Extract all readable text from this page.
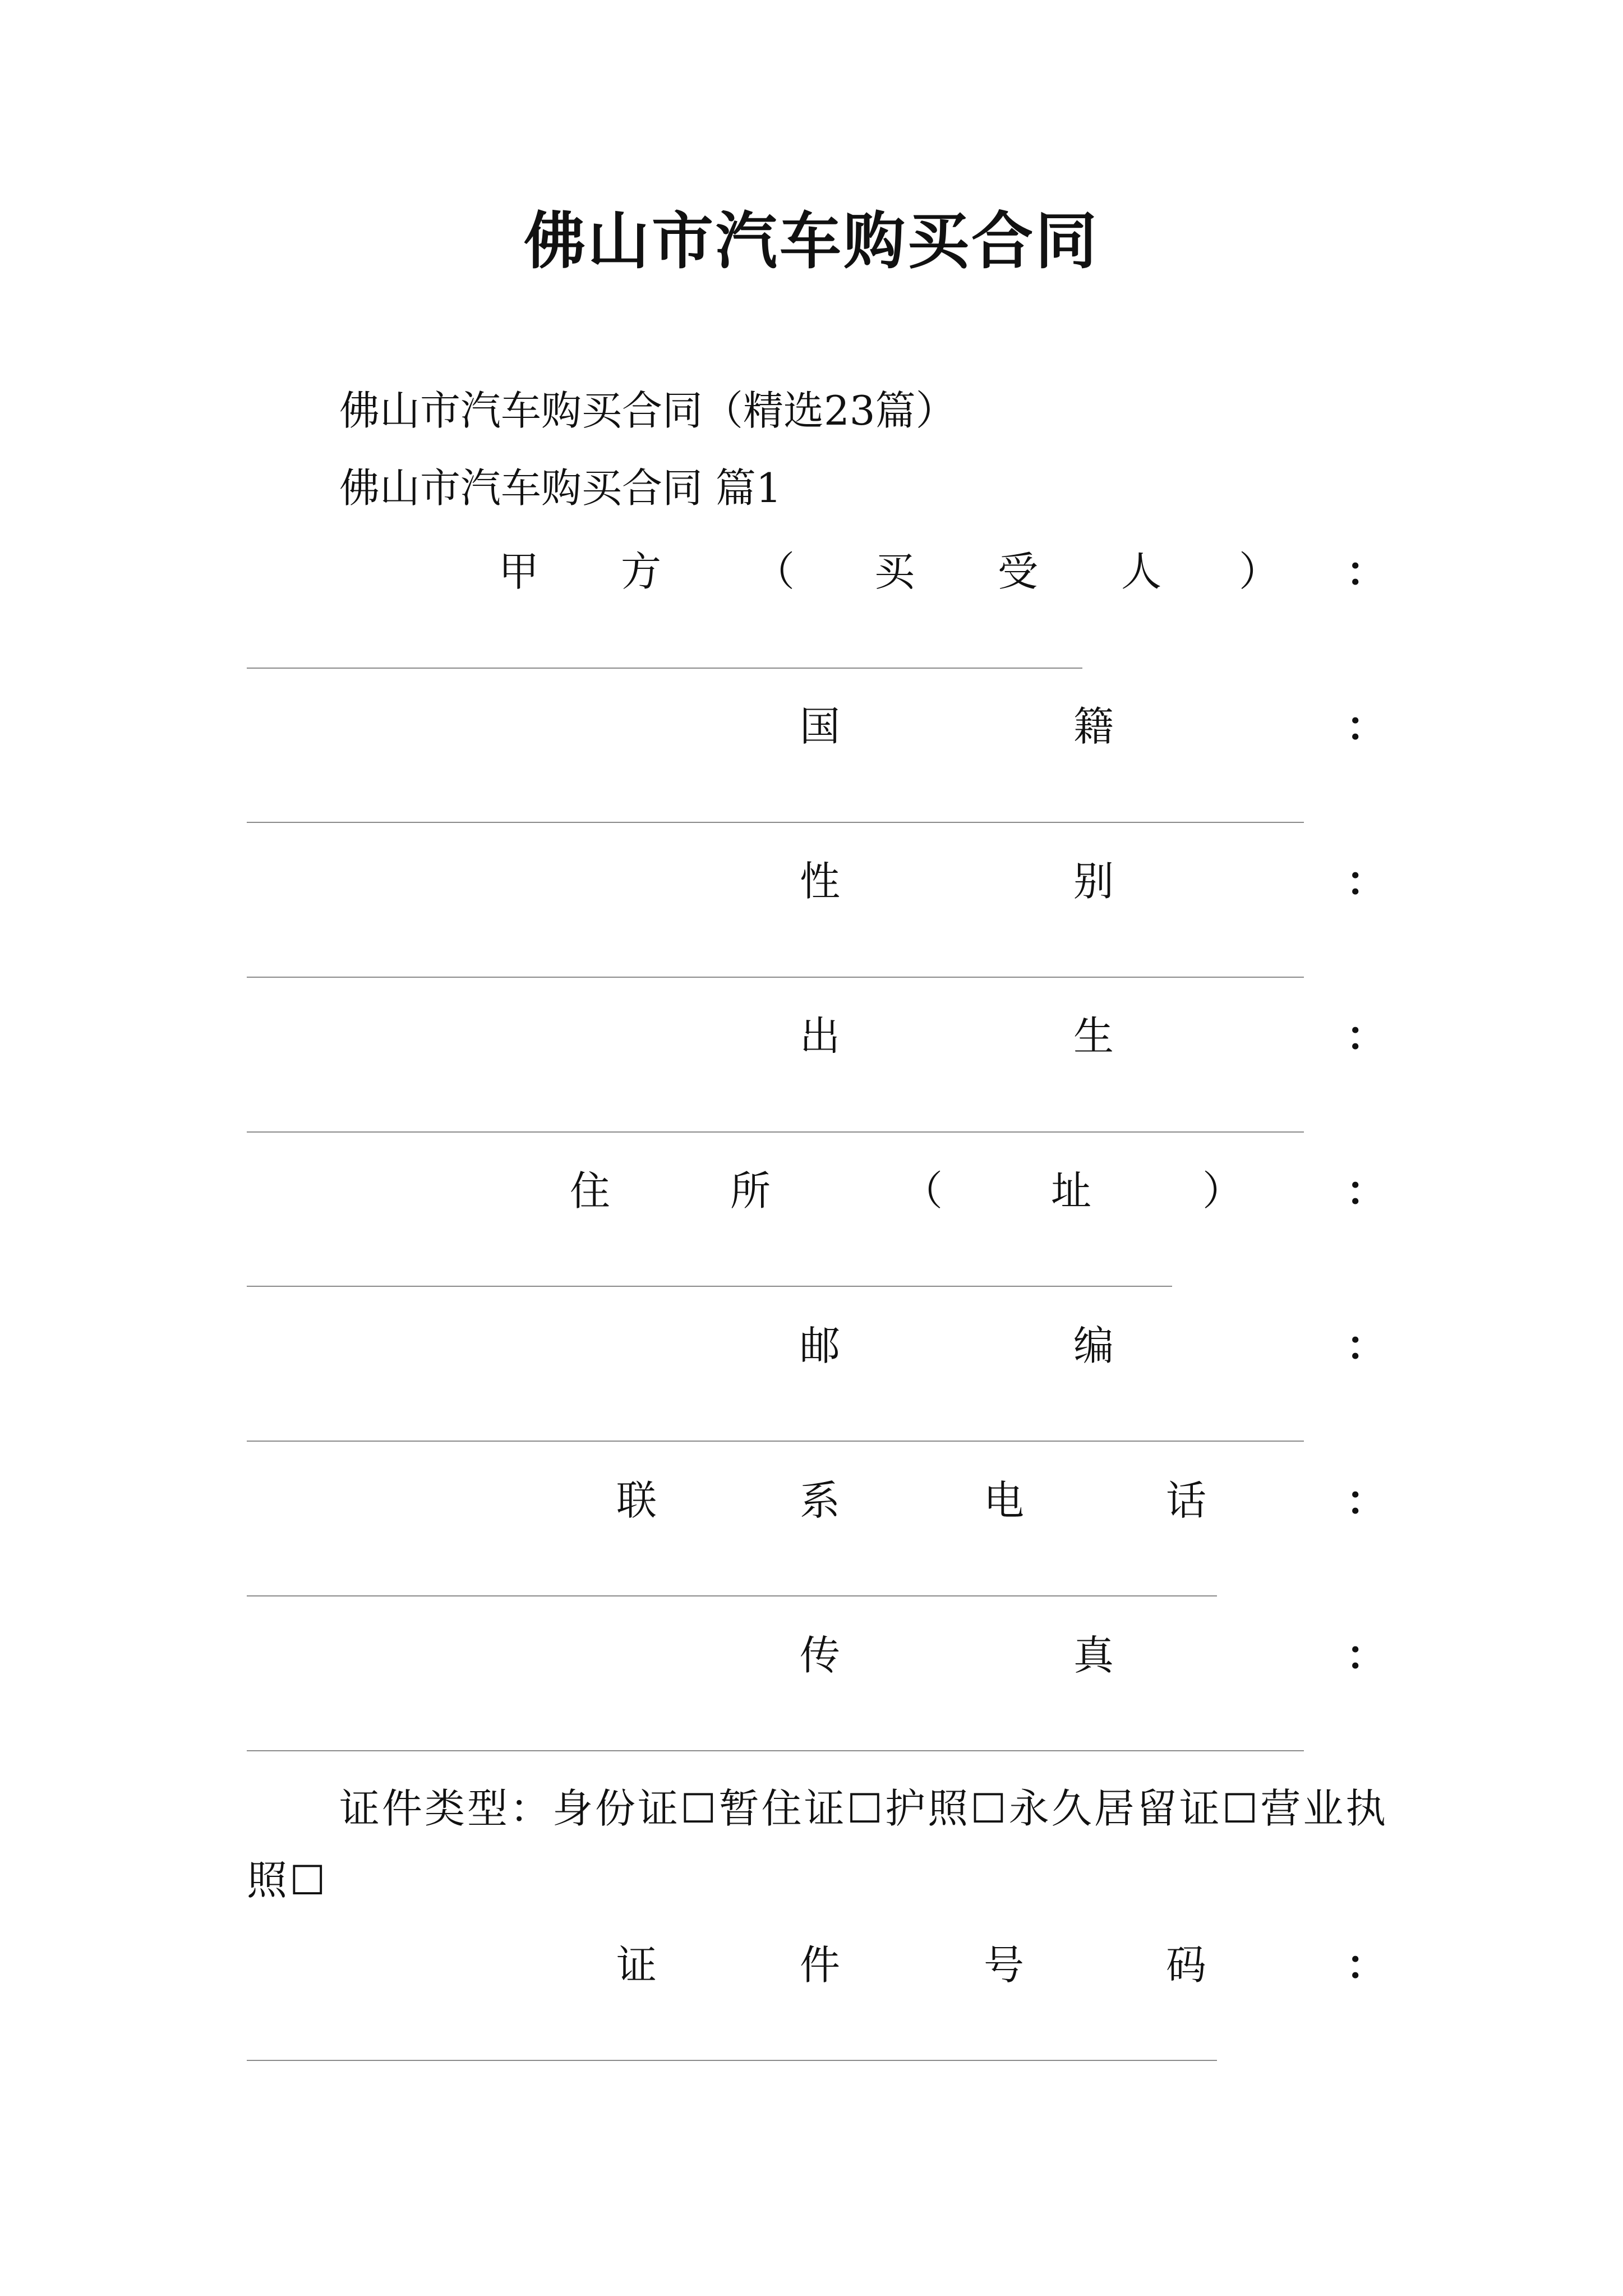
佛山市汽车购买合同
佛山市汽车购买合同（精选23篇）
佛山市汽车购买合同 篇1
甲 方 （ 买 受 人 ） ：
国	籍	：
性	别	：
出	生	：
住	所	（	址	）	：
邮	编	：
联	系	电	话	：
传	真	：
证件类型：身份证☐暂住证☐护照☐永久居留证☐营业执照☐
证	件	号	码	：
